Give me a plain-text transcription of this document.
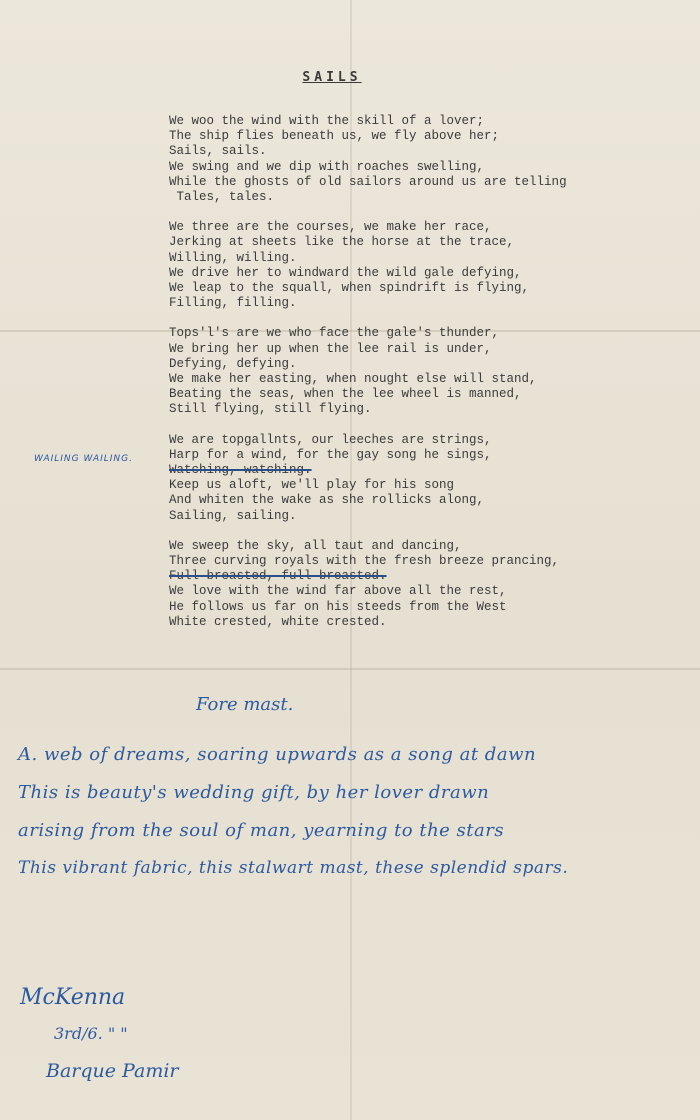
SAILS
We woo the wind with the skill of a lover;
The ship flies beneath us, we fly above her;
Sails, sails.
We swing and we dip with roaches swelling,
While the ghosts of old sailors around us are telling
Tales, tales.
We three are the courses, we make her race,
Jerking at sheets like the horse at the trace,
Willing, willing.
We drive her to windward the wild gale defying,
We leap to the squall, when spindrift is flying,
Filling, filling.
Tops'l's are we who face the gale's thunder,
We bring her up when the lee rail is under,
Defying, defying.
We make her easting, when nought else will stand,
Beating the seas, when the lee wheel is manned,
Still flying, still flying.
We are topgallnts, our leeches are strings,
Harp for a wind, for the gay song he sings,
Watching, watching.
Keep us aloft, we'll play for his song
And whiten the wake as she rollicks along,
Sailing, sailing.
We sweep the sky, all taut and dancing,
Three curving royals with the fresh breeze prancing,
Full breasted, full breasted.
We love with the wind far above all the rest,
He follows us far on his steeds from the West
White crested, white crested.
WAILING WAILING.
Fore mast.
A. web of dreams, soaring upwards as a song at dawn
This is beauty's wedding gift, by her lover drawn
arising from the soul of man, yearning to the stars
This vibrant fabric, this stalwart mast, these splendid spars.
McKenna
3rd/6. " "
Barque Pamir
